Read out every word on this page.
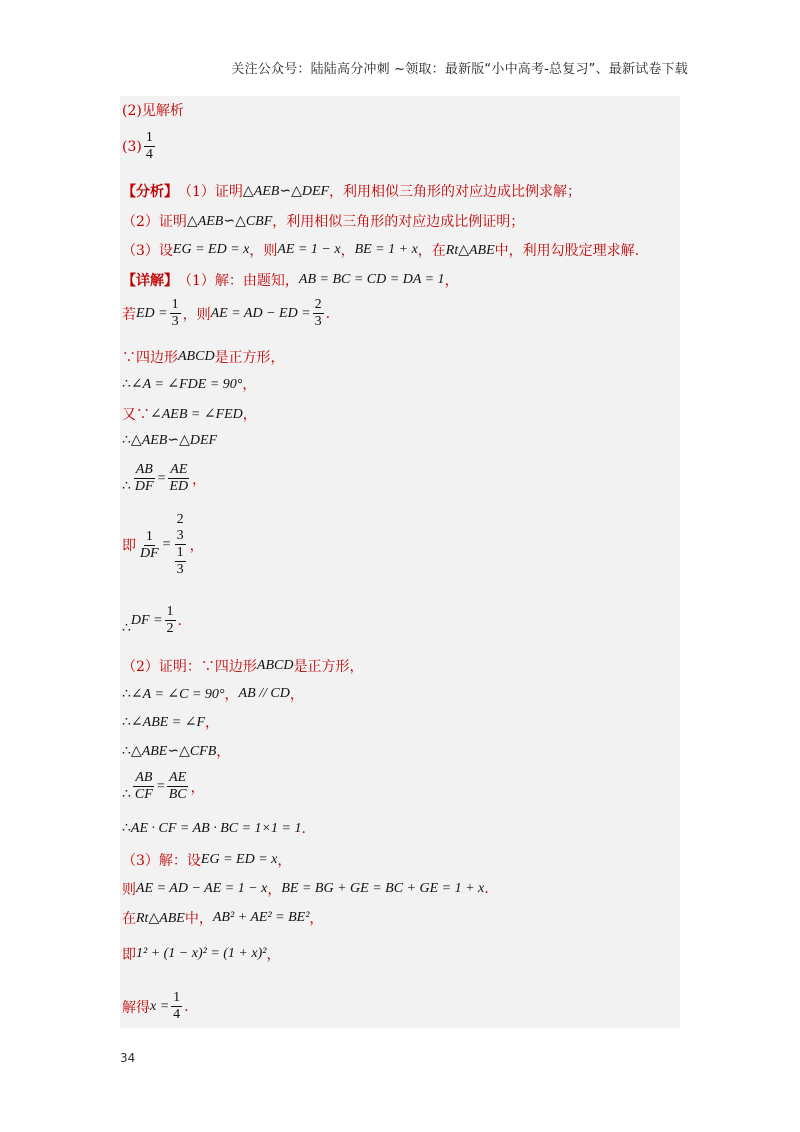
关注公众号：陆陆高分冲刺 ~领取：最新版“小中高考-总复习”、最新试卷下载
(2)见解析
$(3) \frac{1}{4}$
【分析】 （1）证明 △AEB∽△DEF ，利用相似三角形的对应边成比例求解；
（2）证明 △AEB∽△CBF ，利用相似三角形的对应边成比例证明；
（3）设 EG = ED = x ，则 AE = 1 − x ， BE = 1 + x ，在 Rt△ABE 中，利用勾股定理求解.
【详解】 （1）解：由题知， AB = BC = CD = DA = 1 ，
若 ED = $\frac{1}{3}$ ，则 AE = AD − ED = $\frac{2}{3}$ .
∵四边形 ABCD 是正方形，
∴ ∠A = ∠FDE = 90° ，
又∵ ∠AEB = ∠FED ，
∴ △AEB∽△DEF
∴ $\frac{AB}{DF} = \frac{AE}{ED}$ ，
即 $\frac{1}{DF} = 2$
3
$\frac{1}{3}$ ，
∴
DF = $\frac{1}{2}$ .
（2）证明：∵四边形 ABCD 是正方形，
∴ ∠A = ∠C = 90° ， AB // CD ，
∴ ∠ABE = ∠F ，
∴ △ABE∽△CFB ，
∴ $\frac{AB}{CF} = \frac{AE}{BC}$ ，
∴ AE · CF = AB · BC = 1×1 = 1 .
（3）解：设 EG = ED = x ，
则 AE = AD − AE = 1 − x ， BE = BG + GE = BC + GE = 1 + x .
在 Rt△ABE 中， AB² + AE² = BE² ，
即 1² + (1 − x)² = (1 + x)² ，
解得 $x = \frac{1}{4}$ .
34
